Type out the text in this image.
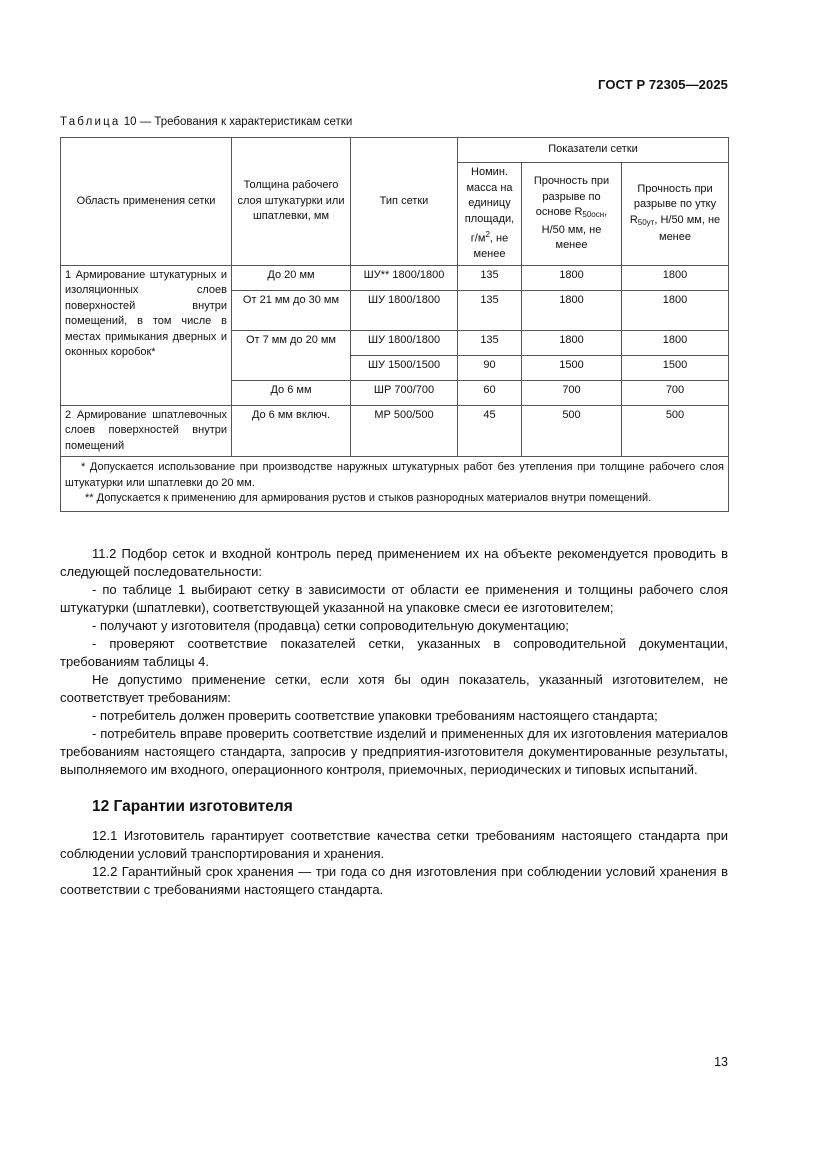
ГОСТ Р 72305—2025
Таблица 10 — Требования к характеристикам сетки
Область применения сетки	Толщина рабочего слоя штукатурки или шпатлевки, мм	Тип сетки	Показатели сетки		
			Номин. масса на единицу площади, $г/м^2$, не менее	Прочность при разрыве по основе $R_{50осн}$, Н/50 мм, не менее	Прочность при разрыве по утку $R_{50ут}$, Н/50 мм, не менее
1 Армирование штукатурных и изоляционных слоев поверхностей внутри помещений, в том числе в местах примыкания дверных и оконных коробок*	До 20 мм	ШУ** 1800/1800	135	1800	1800
	От 21 мм до 30 мм	ШУ 1800/1800	135	1800	1800
	От 7 мм до 20 мм	ШУ 1800/1800	135	1800	1800
		ШУ 1500/1500	90	1500	1500
	До 6 мм	ШР 700/700	60	700	700
2 Армирование шпатлевочных слоев поверхностей внутри помещений	До 6 мм включ.	МР 500/500	45	500	500

* Допускается использование при производстве наружных штукатурных работ без утепления при толщине рабочего слоя штукатурки или шпатлевки до 20 мм.

** Допускается к применению для армирования рустов и стыков разнородных материалов внутри помещений.					

11.2 Подбор сеток и входной контроль перед применением их на объекте рекомендуется проводить в следующей последовательности:

- по таблице 1 выбирают сетку в зависимости от области ее применения и толщины рабочего слоя штукатурки (шпатлевки), соответствующей указанной на упаковке смеси ее изготовителем;

- получают у изготовителя (продавца) сетки сопроводительную документацию;

- проверяют соответствие показателей сетки, указанных в сопроводительной документации, требованиям таблицы 4.

Не допустимо применение сетки, если хотя бы один показатель, указанный изготовителем, не соответствует требованиям:

- потребитель должен проверить соответствие упаковки требованиям настоящего стандарта;

- потребитель вправе проверить соответствие изделий и примененных для их изготовления материалов требованиям настоящего стандарта, запросив у предприятия-изготовителя документированные результаты, выполняемого им входного, операционного контроля, приемочных, периодических и типовых испытаний.

12 Гарантии изготовителя

12.1 Изготовитель гарантирует соответствие качества сетки требованиям настоящего стандарта при соблюдении условий транспортирования и хранения.

12.2 Гарантийный срок хранения — три года со дня изготовления при соблюдении условий хранения в соответствии с требованиями настоящего стандарта.

13
